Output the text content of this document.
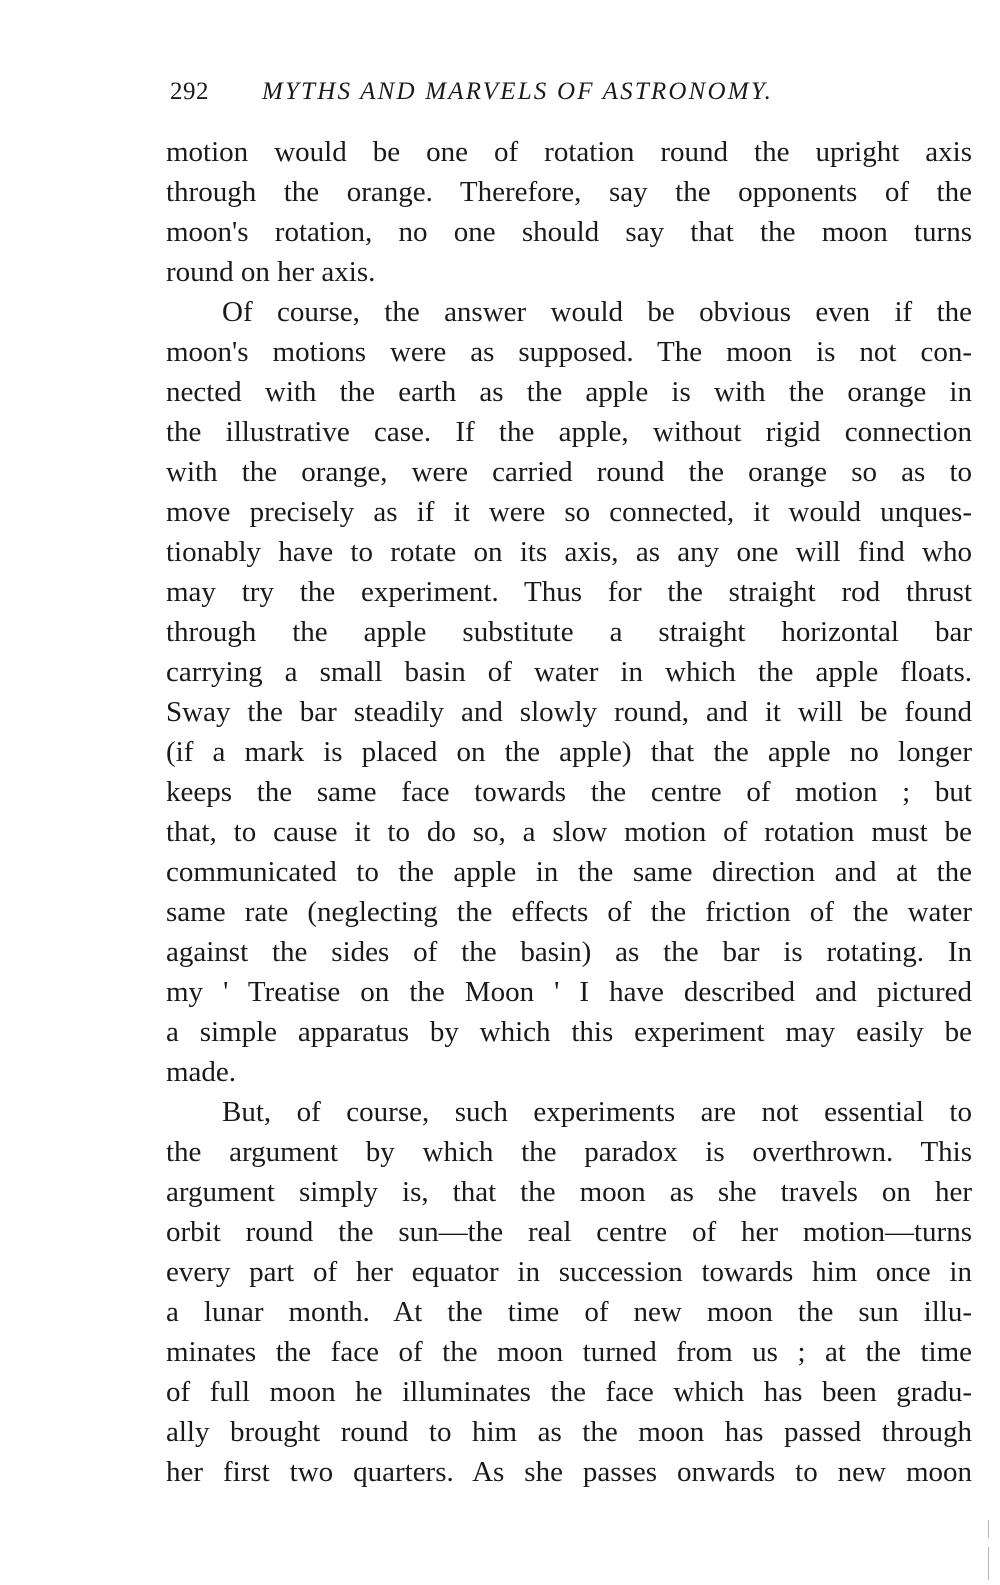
292 MYTHS AND MARVELS OF ASTRONOMY.
motion would be one of rotation round the upright axis
through the orange. Therefore, say the opponents of the
moon's rotation, no one should say that the moon turns
round on her axis.
Of course, the answer would be obvious even if the
moon's motions were as supposed. The moon is not con-
nected with the earth as the apple is with the orange in
the illustrative case. If the apple, without rigid connection
with the orange, were carried round the orange so as to
move precisely as if it were so connected, it would unques-
tionably have to rotate on its axis, as any one will find who
may try the experiment. Thus for the straight rod thrust
through the apple substitute a straight horizontal bar
carrying a small basin of water in which the apple floats.
Sway the bar steadily and slowly round, and it will be found
(if a mark is placed on the apple) that the apple no longer
keeps the same face towards the centre of motion ; but
that, to cause it to do so, a slow motion of rotation must be
communicated to the apple in the same direction and at the
same rate (neglecting the effects of the friction of the water
against the sides of the basin) as the bar is rotating. In
my ' Treatise on the Moon ' I have described and pictured
a simple apparatus by which this experiment may easily be
made.
But, of course, such experiments are not essential to
the argument by which the paradox is overthrown. This
argument simply is, that the moon as she travels on her
orbit round the sun—the real centre of her motion—turns
every part of her equator in succession towards him once in
a lunar month. At the time of new moon the sun illu-
minates the face of the moon turned from us ; at the time
of full moon he illuminates the face which has been gradu-
ally brought round to him as the moon has passed through
her first two quarters. As she passes onwards to new moon
